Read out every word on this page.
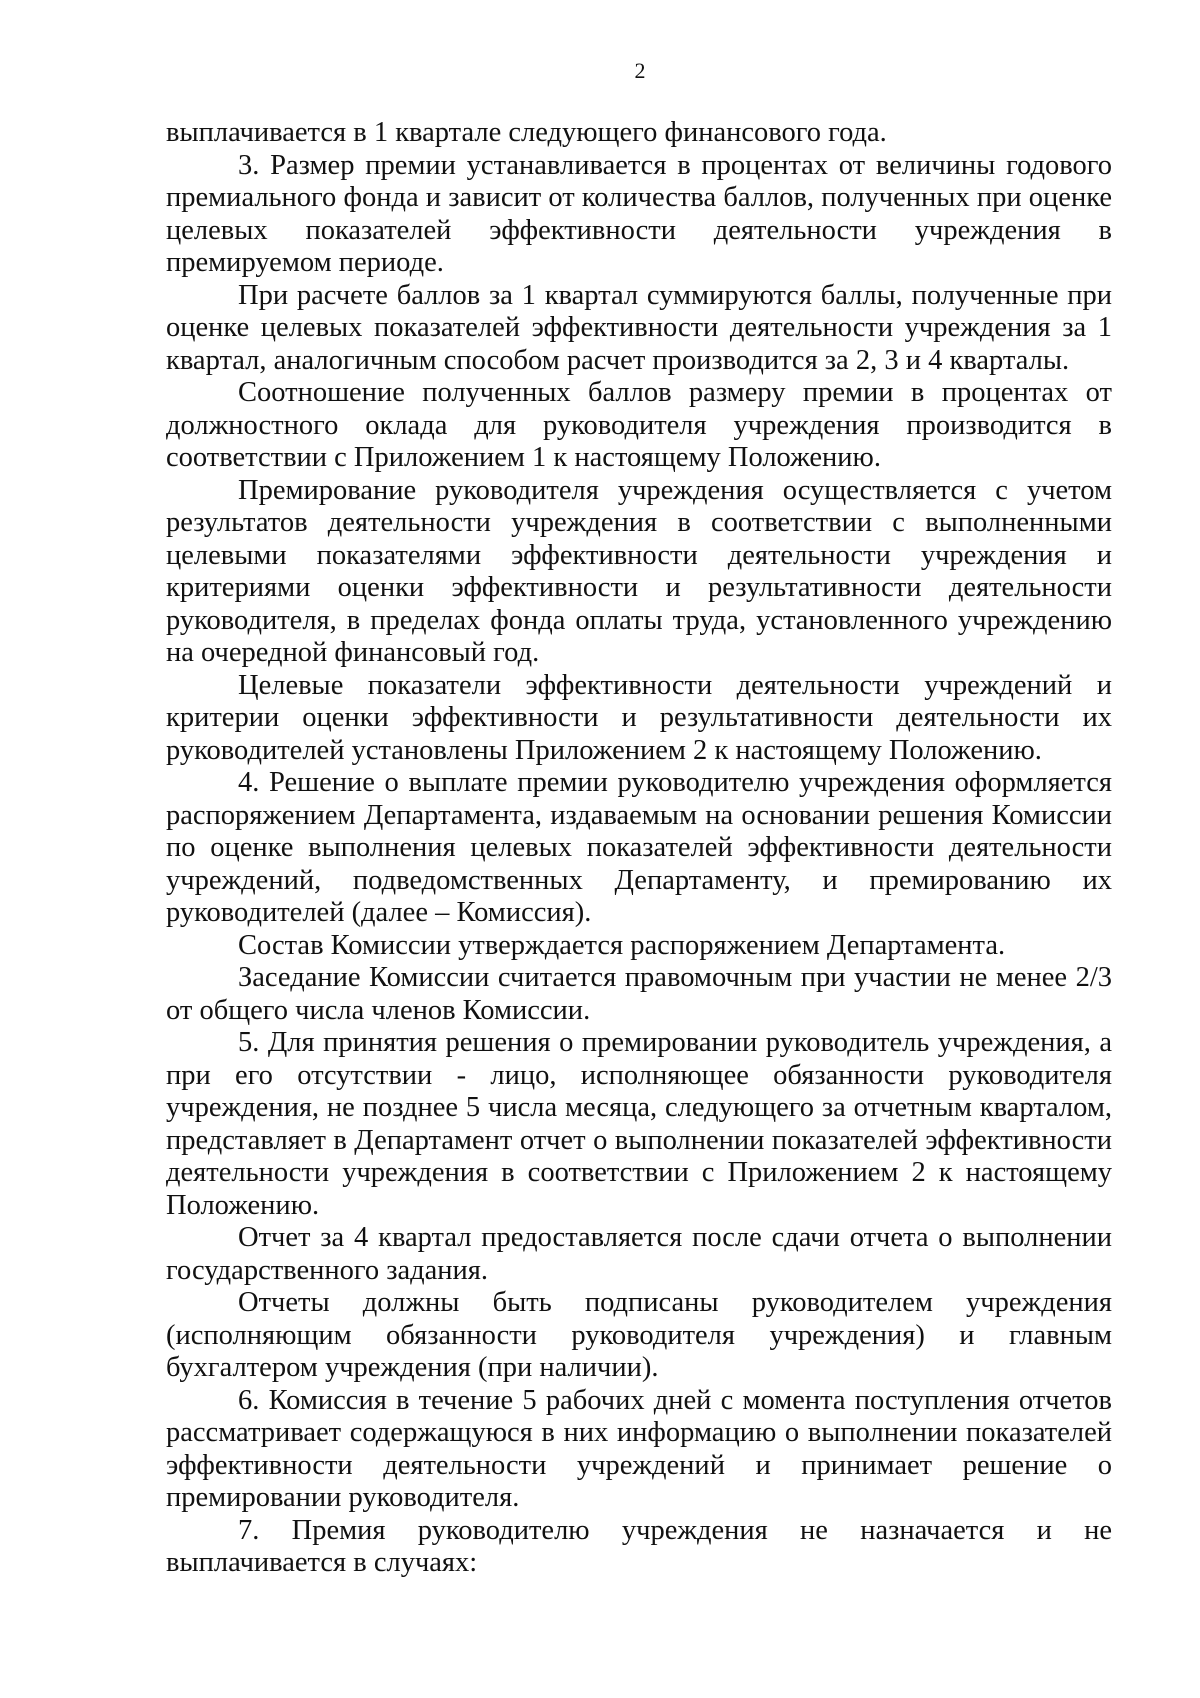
2

выплачивается в 1 квартале следующего финансового года.

3. Размер премии устанавливается в процентах от величины годового премиального фонда и зависит от количества баллов, полученных при оценке целевых показателей эффективности деятельности учреждения в премируемом периоде.

При расчете баллов за 1 квартал суммируются баллы, полученные при оценке целевых показателей эффективности деятельности учреждения за 1 квартал, аналогичным способом расчет производится за 2, 3 и 4 кварталы.

Соотношение полученных баллов размеру премии в процентах от должностного оклада для руководителя учреждения производится в соответствии с Приложением 1 к настоящему Положению.

Премирование руководителя учреждения осуществляется с учетом результатов деятельности учреждения в соответствии с выполненными целевыми показателями эффективности деятельности учреждения и критериями оценки эффективности и результативности деятельности руководителя, в пределах фонда оплаты труда, установленного учреждению на очередной финансовый год.

Целевые показатели эффективности деятельности учреждений и критерии оценки эффективности и результативности деятельности их руководителей установлены Приложением 2 к настоящему Положению.

4. Решение о выплате премии руководителю учреждения оформляется распоряжением Департамента, издаваемым на основании решения Комиссии по оценке выполнения целевых показателей эффективности деятельности учреждений, подведомственных Департаменту, и премированию их руководителей (далее – Комиссия).

Состав Комиссии утверждается распоряжением Департамента.

Заседание Комиссии считается правомочным при участии не менее 2/3 от общего числа членов Комиссии.

5. Для принятия решения о премировании руководитель учреждения, а при его отсутствии - лицо, исполняющее обязанности руководителя учреждения, не позднее 5 числа месяца, следующего за отчетным кварталом, представляет в Департамент отчет о выполнении показателей эффективности деятельности учреждения в соответствии с Приложением 2 к настоящему Положению.

Отчет за 4 квартал предоставляется после сдачи отчета о выполнении государственного задания.

Отчеты должны быть подписаны руководителем учреждения (исполняющим обязанности руководителя учреждения) и главным бухгалтером учреждения (при наличии).

6. Комиссия в течение 5 рабочих дней с момента поступления отчетов рассматривает содержащуюся в них информацию о выполнении показателей эффективности деятельности учреждений и принимает решение о премировании руководителя.

7. Премия руководителю учреждения не назначается и не выплачивается в случаях:
